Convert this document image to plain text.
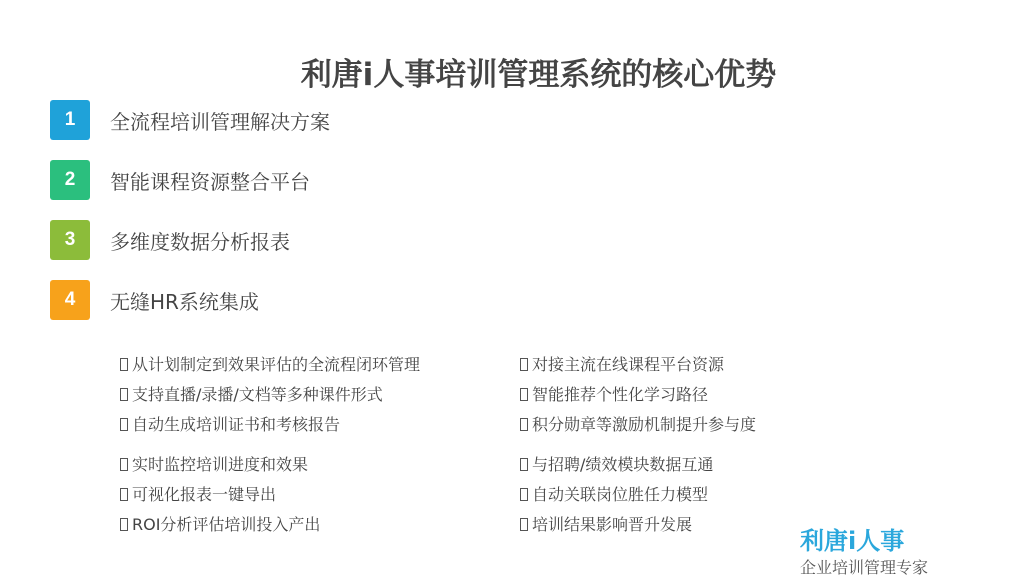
利唐i人事培训管理系统的核心优势
1	全流程培训管理解决方案
2	智能课程资源整合平台
3	多维度数据分析报表
4	无缝HR系统集成
从计划制定到效果评估的全流程闭环管理	对接主流在线课程平台资源
支持直播/录播/文档等多种课件形式	智能推荐个性化学习路径
自动生成培训证书和考核报告	积分勋章等激励机制提升参与度
实时监控培训进度和效果	与招聘/绩效模块数据互通
可视化报表一键导出	自动关联岗位胜任力模型
ROI分析评估培训投入产出	培训结果影响晋升发展
利唐i人事
企业培训管理专家
